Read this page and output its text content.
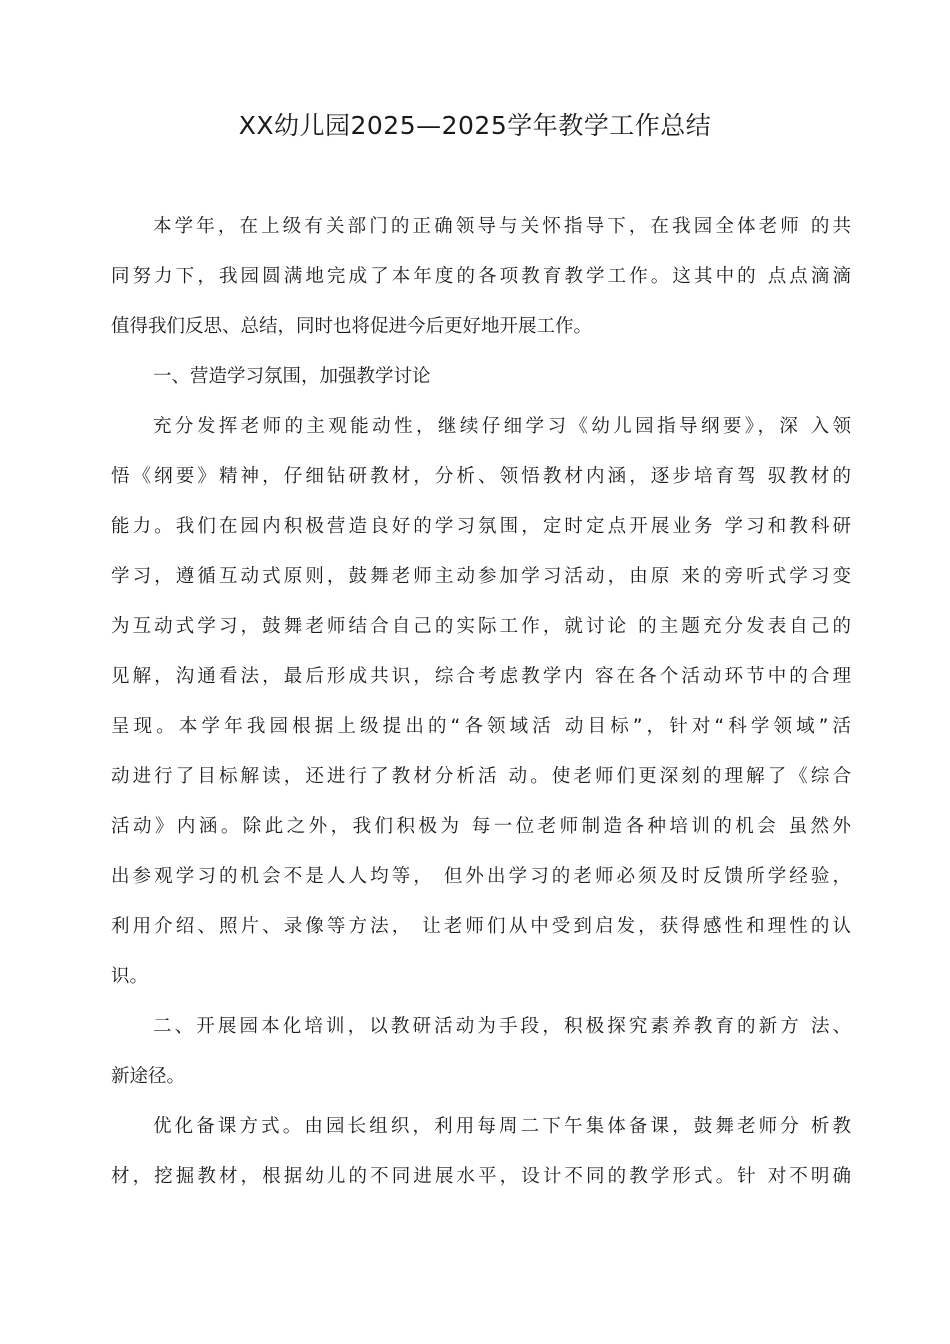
XX幼儿园2025—2025学年教学工作总结

本学年，在上级有关部门的正确领导与关怀指导下，在我园全体老师 的共

同努力下，我园圆满地完成了本年度的各项教育教学工作。这其中的 点点滴滴

值得我们反思、总结，同时也将促进今后更好地开展工作。

一、营造学习氛围，加强教学讨论

充分发挥老师的主观能动性，继续仔细学习《幼儿园指导纲要》，深 入领

悟《纲要》精神，仔细钻研教材，分析、领悟教材内涵，逐步培育驾 驭教材的

能力。我们在园内积极营造良好的学习氛围，定时定点开展业务 学习和教科研

学习，遵循互动式原则，鼓舞老师主动参加学习活动，由原 来的旁听式学习变

为互动式学习，鼓舞老师结合自己的实际工作，就讨论 的主题充分发表自己的

见解，沟通看法，最后形成共识，综合考虑教学内 容在各个活动环节中的合理

呈现。本学年我园根据上级提出的“各领域活 动目标”，针对“科学领域”活

动进行了目标解读，还进行了教材分析活 动。使老师们更深刻的理解了《综合

活动》内涵。除此之外，我们积极为 每一位老师制造各种培训的机会 虽然外

出参观学习的机会不是人人均等， 但外出学习的老师必须及时反馈所学经验，

利用介绍、照片、录像等方法， 让老师们从中受到启发，获得感性和理性的认

识。

二、开展园本化培训，以教研活动为手段，积极探究素养教育的新方 法、

新途径。

优化备课方式。由园长组织，利用每周二下午集体备课，鼓舞老师分 析教

材，挖掘教材，根据幼儿的不同进展水平，设计不同的教学形式。针 对不明确
